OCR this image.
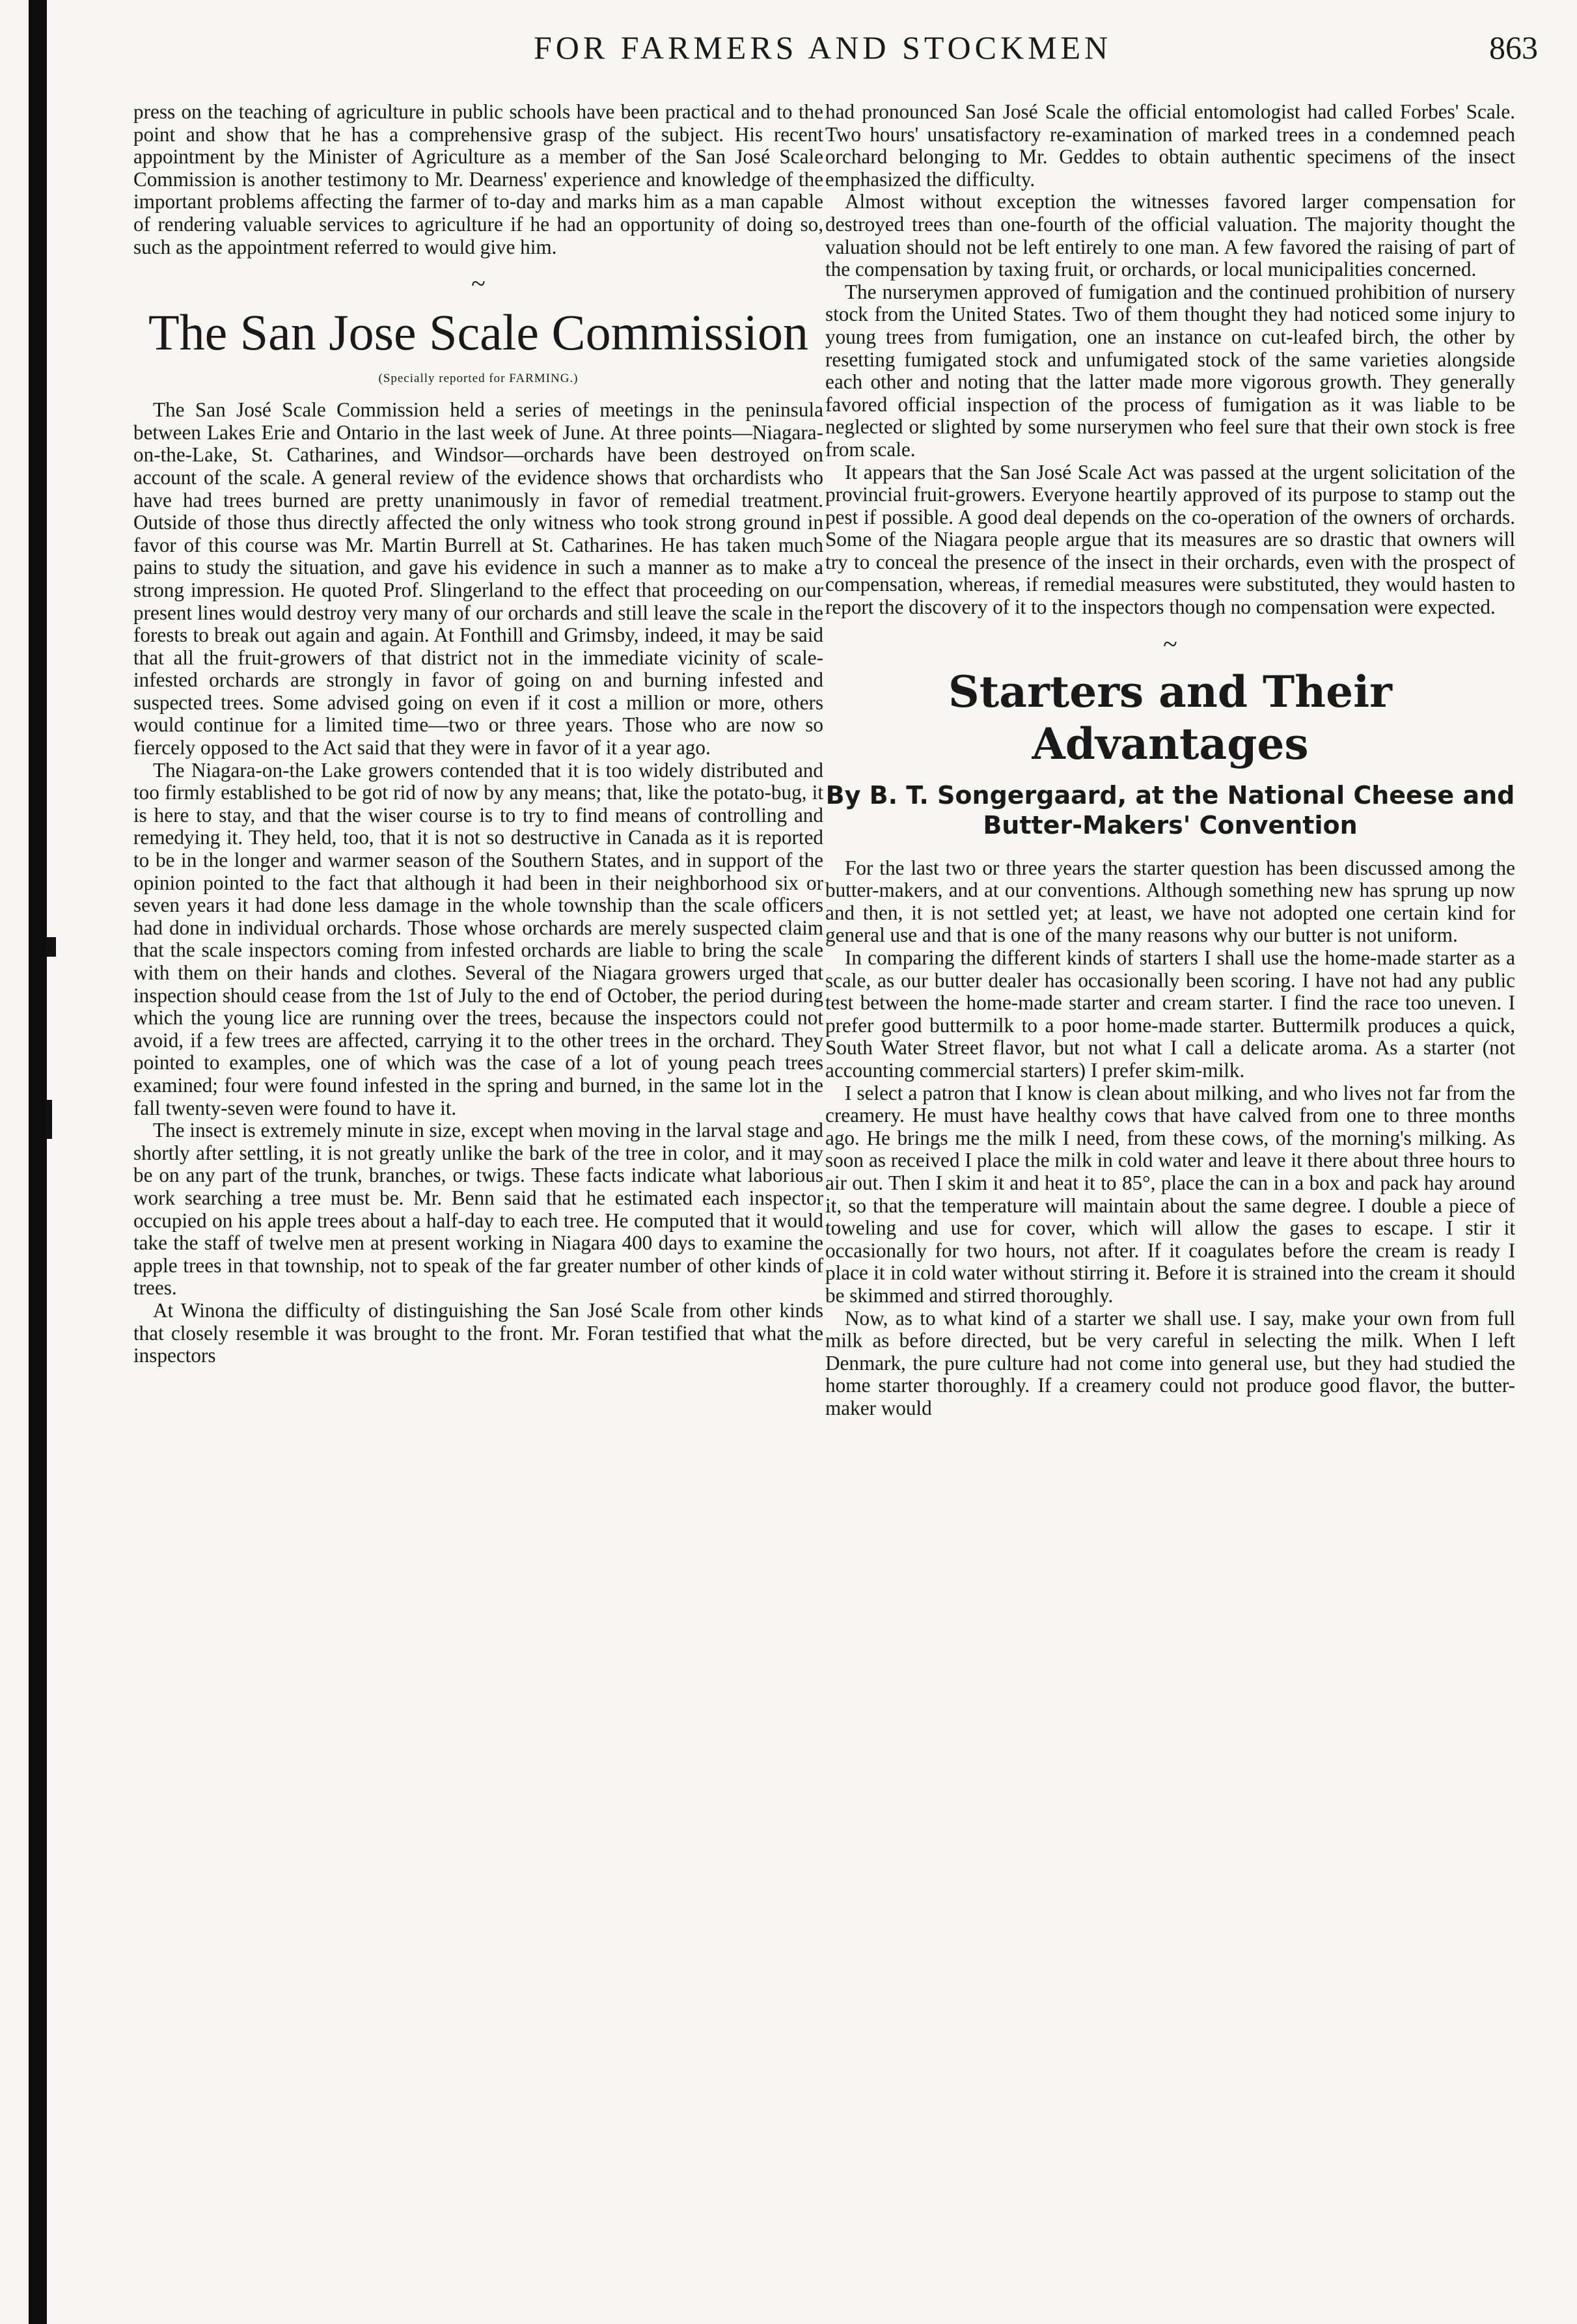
FOR FARMERS AND STOCKMEN	863

press on the teaching of agriculture in public schools have been practical and to the point and show that he has a comprehensive grasp of the subject. His recent appointment by the Minister of Agriculture as a member of the San José Scale Commission is another testimony to Mr. Dearness' experience and knowledge of the important problems affecting the farmer of to-day and marks him as a man capable of rendering valuable services to agriculture if he had an opportunity of doing so, such as the appointment referred to would give him.

~
The San Jose Scale Commission
(Specially reported for FARMING.)

The San José Scale Commission held a series of meetings in the peninsula between Lakes Erie and Ontario in the last week of June. At three points—Niagara-on-the-Lake, St. Catharines, and Windsor—orchards have been destroyed on account of the scale. A general review of the evidence shows that orchardists who have had trees burned are pretty unanimously in favor of remedial treatment. Outside of those thus directly affected the only witness who took strong ground in favor of this course was Mr. Martin Burrell at St. Catharines. He has taken much pains to study the situation, and gave his evidence in such a manner as to make a strong impression. He quoted Prof. Slingerland to the effect that proceeding on our present lines would destroy very many of our orchards and still leave the scale in the forests to break out again and again. At Fonthill and Grimsby, indeed, it may be said that all the fruit-growers of that district not in the immediate vicinity of scale-infested orchards are strongly in favor of going on and burning infested and suspected trees. Some advised going on even if it cost a million or more, others would continue for a limited time—two or three years. Those who are now so fiercely opposed to the Act said that they were in favor of it a year ago.

The Niagara-on-the Lake growers contended that it is too widely distributed and too firmly established to be got rid of now by any means; that, like the potato-bug, it is here to stay, and that the wiser course is to try to find means of controlling and remedying it. They held, too, that it is not so destructive in Canada as it is reported to be in the longer and warmer season of the Southern States, and in support of the opinion pointed to the fact that although it had been in their neighborhood six or seven years it had done less damage in the whole township than the scale officers had done in individual orchards. Those whose orchards are merely suspected claim that the scale inspectors coming from infested orchards are liable to bring the scale with them on their hands and clothes. Several of the Niagara growers urged that inspection should cease from the 1st of July to the end of October, the period during which the young lice are running over the trees, because the inspectors could not avoid, if a few trees are affected, carrying it to the other trees in the orchard. They pointed to examples, one of which was the case of a lot of young peach trees examined; four were found infested in the spring and burned, in the same lot in the fall twenty-seven were found to have it.

The insect is extremely minute in size, except when moving in the larval stage and shortly after settling, it is not greatly unlike the bark of the tree in color, and it may be on any part of the trunk, branches, or twigs. These facts indicate what laborious work searching a tree must be. Mr. Benn said that he estimated each inspector occupied on his apple trees about a half-day to each tree. He computed that it would take the staff of twelve men at present working in Niagara 400 days to examine the apple trees in that township, not to speak of the far greater number of other kinds of trees.

At Winona the difficulty of distinguishing the San José Scale from other kinds that closely resemble it was brought to the front. Mr. Foran testified that what the inspectors

had pronounced San José Scale the official entomologist had called Forbes' Scale. Two hours' unsatisfactory re-examination of marked trees in a condemned peach orchard belonging to Mr. Geddes to obtain authentic specimens of the insect emphasized the difficulty.

Almost without exception the witnesses favored larger compensation for destroyed trees than one-fourth of the official valuation. The majority thought the valuation should not be left entirely to one man. A few favored the raising of part of the compensation by taxing fruit, or orchards, or local municipalities concerned.

The nurserymen approved of fumigation and the continued prohibition of nursery stock from the United States. Two of them thought they had noticed some injury to young trees from fumigation, one an instance on cut-leafed birch, the other by resetting fumigated stock and unfumigated stock of the same varieties alongside each other and noting that the latter made more vigorous growth. They generally favored official inspection of the process of fumigation as it was liable to be neglected or slighted by some nurserymen who feel sure that their own stock is free from scale.

It appears that the San José Scale Act was passed at the urgent solicitation of the provincial fruit-growers. Everyone heartily approved of its purpose to stamp out the pest if possible. A good deal depends on the co-operation of the owners of orchards. Some of the Niagara people argue that its measures are so drastic that owners will try to conceal the presence of the insect in their orchards, even with the prospect of compensation, whereas, if remedial measures were substituted, they would hasten to report the discovery of it to the inspectors though no compensation were expected.

~
Starters and Their Advantages
By B. T. Songergaard, at the National Cheese and Butter-Makers' Convention

For the last two or three years the starter question has been discussed among the butter-makers, and at our conventions. Although something new has sprung up now and then, it is not settled yet; at least, we have not adopted one certain kind for general use and that is one of the many reasons why our butter is not uniform.

In comparing the different kinds of starters I shall use the home-made starter as a scale, as our butter dealer has occasionally been scoring. I have not had any public test between the home-made starter and cream starter. I find the race too uneven. I prefer good buttermilk to a poor home-made starter. Buttermilk produces a quick, South Water Street flavor, but not what I call a delicate aroma. As a starter (not accounting commercial starters) I prefer skim-milk.

I select a patron that I know is clean about milking, and who lives not far from the creamery. He must have healthy cows that have calved from one to three months ago. He brings me the milk I need, from these cows, of the morning's milking. As soon as received I place the milk in cold water and leave it there about three hours to air out. Then I skim it and heat it to 85°, place the can in a box and pack hay around it, so that the temperature will maintain about the same degree. I double a piece of toweling and use for cover, which will allow the gases to escape. I stir it occasionally for two hours, not after. If it coagulates before the cream is ready I place it in cold water without stirring it. Before it is strained into the cream it should be skimmed and stirred thoroughly.

Now, as to what kind of a starter we shall use. I say, make your own from full milk as before directed, but be very careful in selecting the milk. When I left Denmark, the pure culture had not come into general use, but they had studied the home starter thoroughly. If a creamery could not produce good flavor, the butter-maker would
